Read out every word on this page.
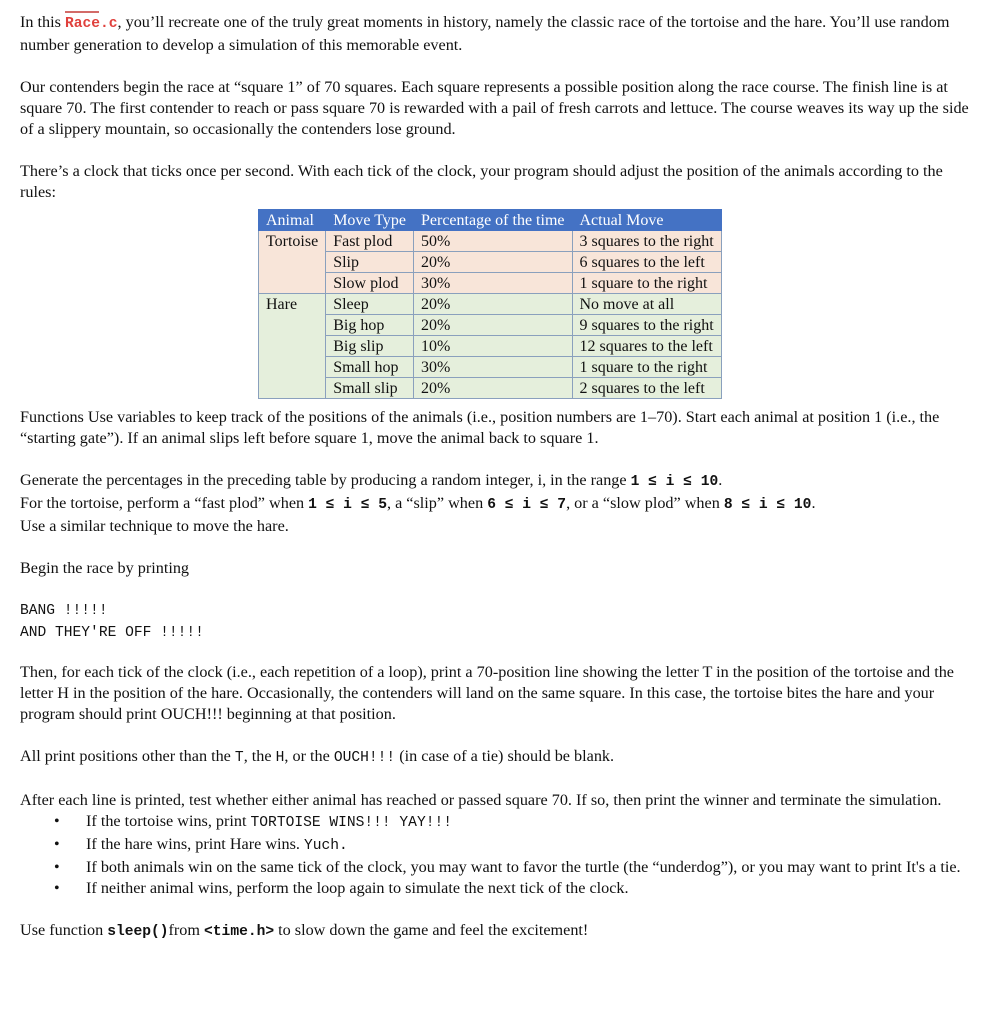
In this Race.c, you’ll recreate one of the truly great moments in history, namely the classic race of the tortoise and the hare. You’ll use random number generation to develop a simulation of this memorable event.

Our contenders begin the race at “square 1” of 70 squares. Each square represents a possible position along the race course. The finish line is at square 70. The first contender to reach or pass square 70 is rewarded with a pail of fresh carrots and lettuce. The course weaves its way up the side of a slippery mountain, so occasionally the contenders lose ground.

There’s a clock that ticks once per second. With each tick of the clock, your program should adjust the position of the animals according to the rules:

Animal	Move Type	Percentage of the time	Actual Move
Tortoise	Fast plod	50%	3 squares to the right
	Slip	20%	6 squares to the left
	Slow plod	30%	1 square to the right
Hare	Sleep	20%	No move at all
	Big hop	20%	9 squares to the right
	Big slip	10%	12 squares to the left
	Small hop	30%	1 square to the right
	Small slip	20%	2 squares to the left

Functions Use variables to keep track of the positions of the animals (i.e., position numbers are 1–70). Start each animal at position 1 (i.e., the “starting gate”). If an animal slips left before square 1, move the animal back to square 1.

Generate the percentages in the preceding table by producing a random integer, i, in the range 1 ≤ i ≤ 10.
For the tortoise, perform a “fast plod” when 1 ≤ i ≤ 5, a “slip” when 6 ≤ i ≤ 7, or a “slow plod” when 8 ≤ i ≤ 10.
Use a similar technique to move the hare.

Begin the race by printing

BANG !!!!!
AND THEY'RE OFF !!!!!

Then, for each tick of the clock (i.e., each repetition of a loop), print a 70-position line showing the letter T in the position of the tortoise and the letter H in the position of the hare. Occasionally, the contenders will land on the same square. In this case, the tortoise bites the hare and your program should print OUCH!!! beginning at that position.

All print positions other than the T, the H, or the OUCH!!! (in case of a tie) should be blank.

After each line is printed, test whether either animal has reached or passed square 70. If so, then print the winner and terminate the simulation.

• If the tortoise wins, print TORTOISE WINS!!! YAY!!!
• If the hare wins, print Hare wins. Yuch.
• If both animals win on the same tick of the clock, you may want to favor the turtle (the “underdog”), or you may want to print It's a tie.
• If neither animal wins, perform the loop again to simulate the next tick of the clock.

Use function sleep()from <time.h> to slow down the game and feel the excitement!
